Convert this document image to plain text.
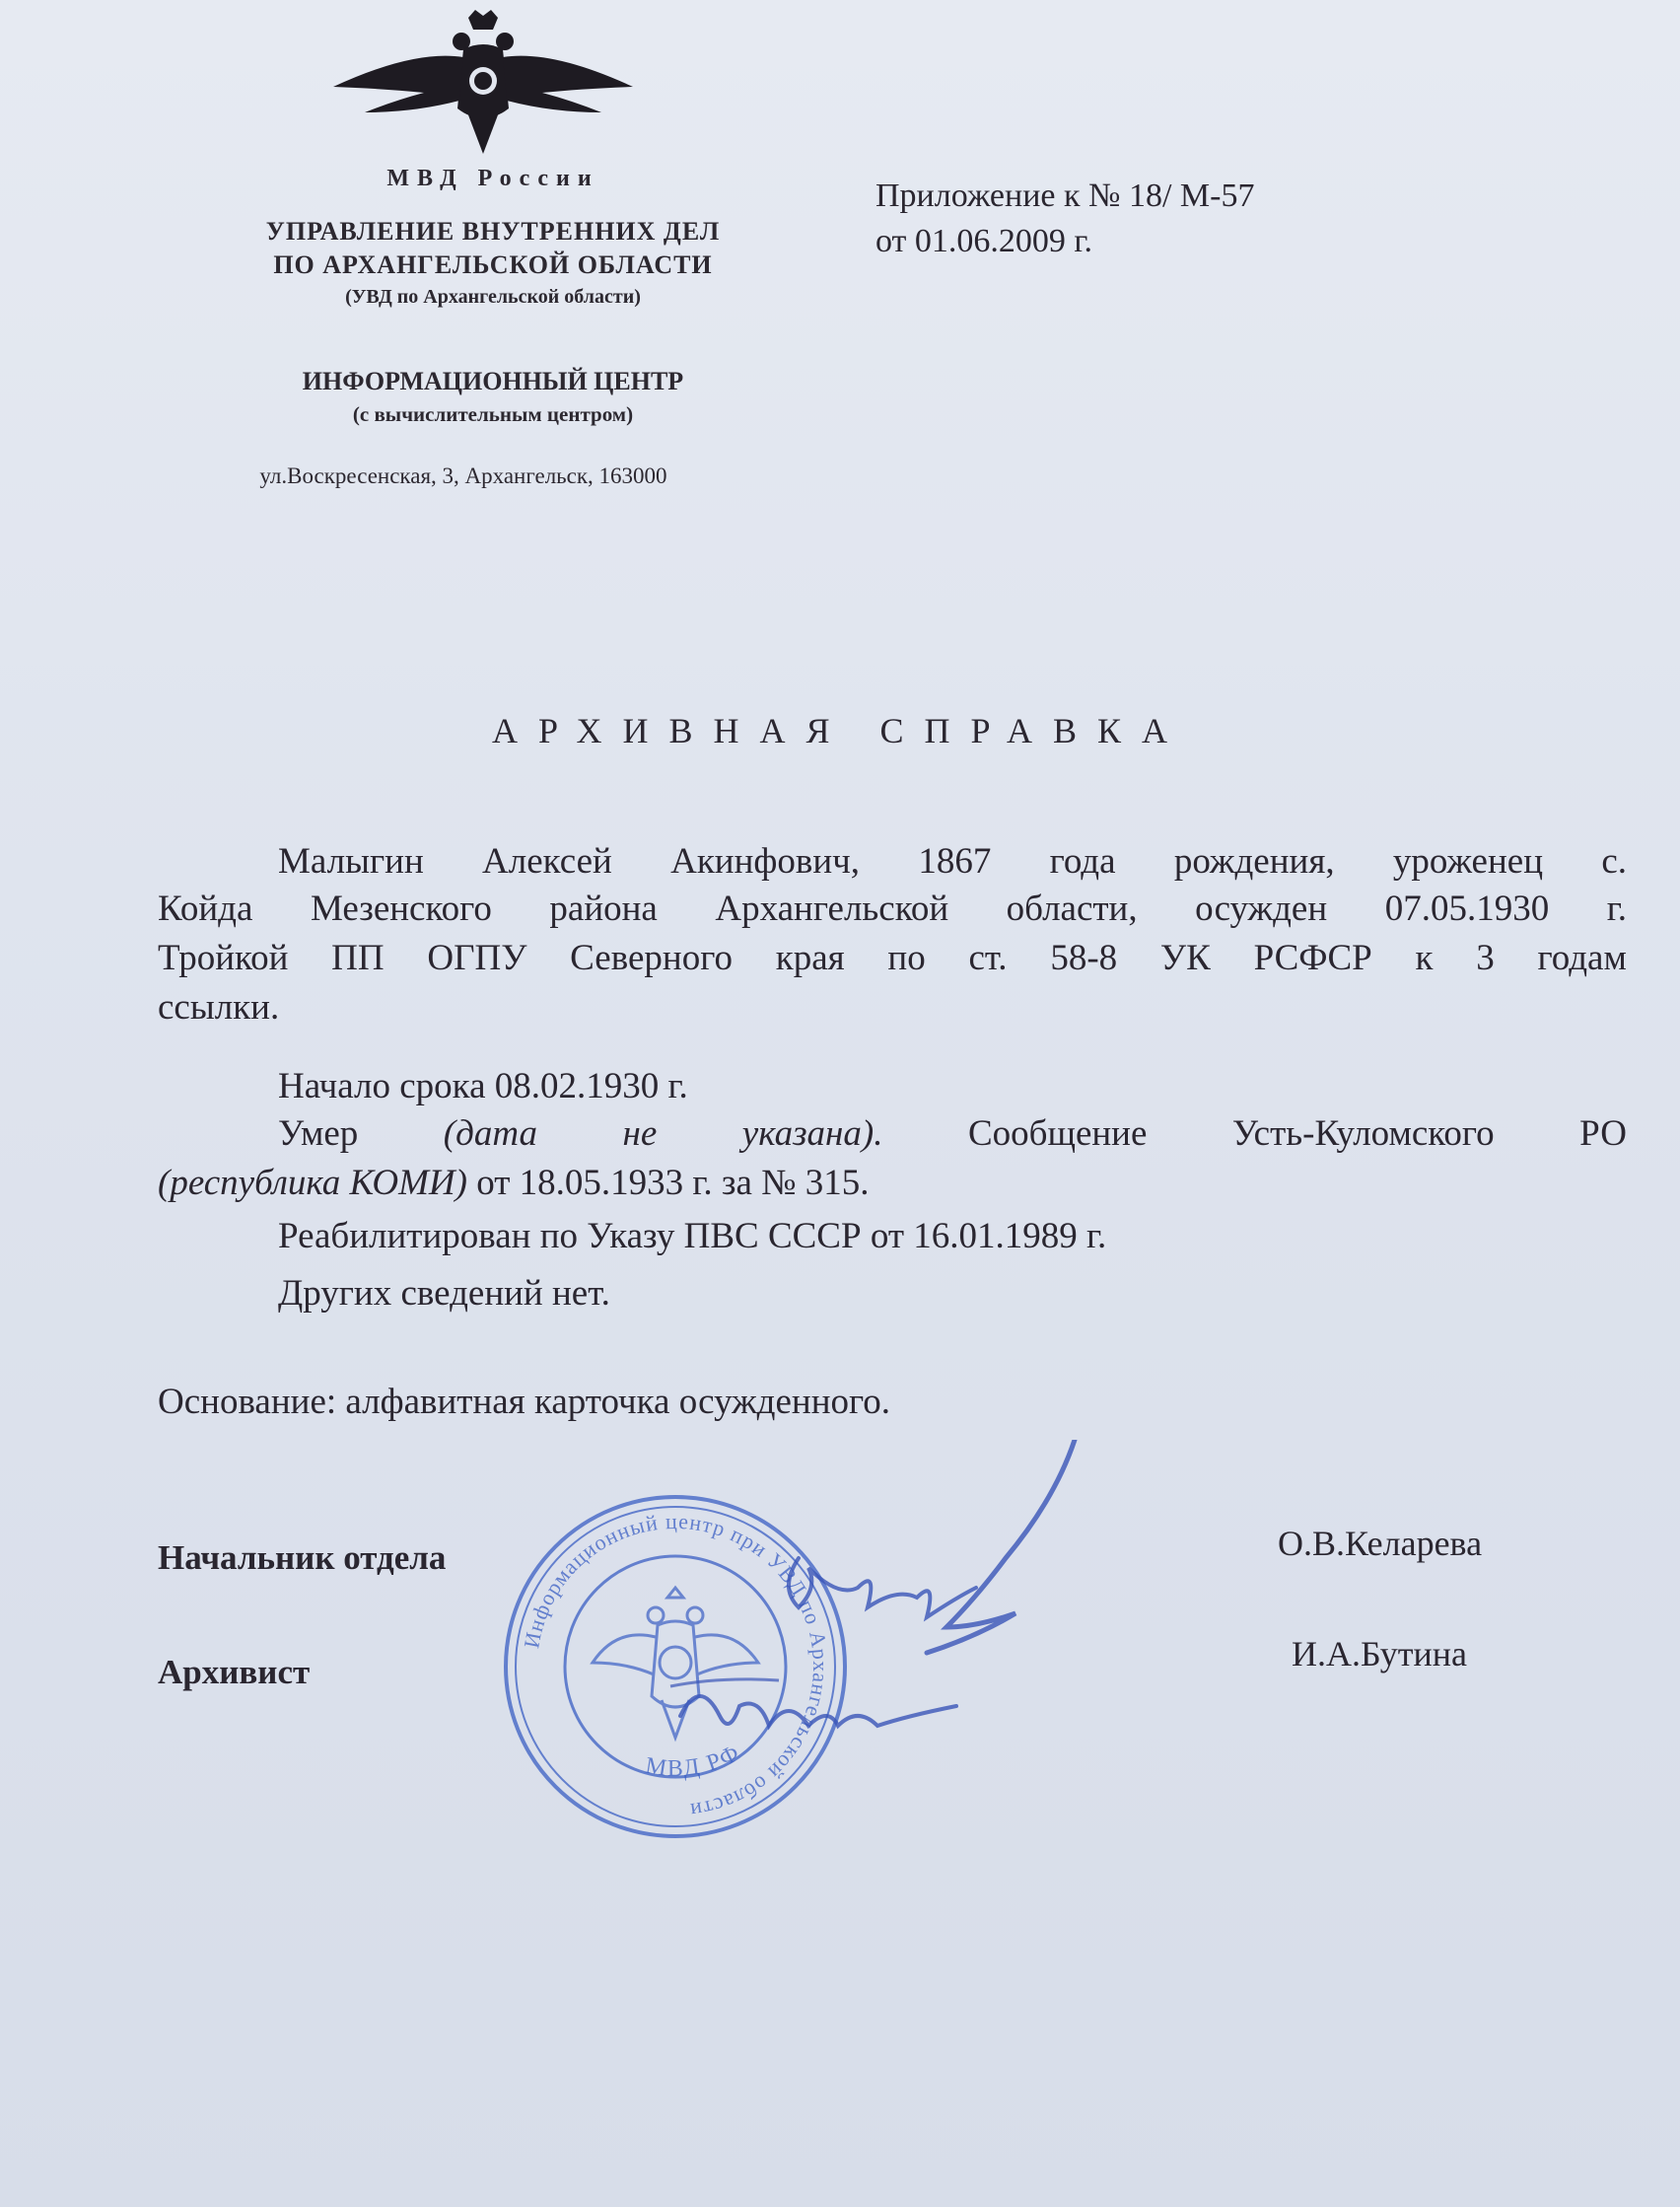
МВД России
УПРАВЛЕНИЕ ВНУТРЕННИХ ДЕЛ
ПО АРХАНГЕЛЬСКОЙ ОБЛАСТИ
(УВД по Архангельской области)
ИНФОРМАЦИОННЫЙ ЦЕНТР
(с вычислительным центром)
ул.Воскресенская, 3, Архангельск, 163000
Приложение к № 18/ М-57
от 01.06.2009 г.
АРХИВНАЯ СПРАВКА
Малыгин Алексей Акинфович, 1867 года рождения, уроженец с.
Койда Мезенского района Архангельской области, осужден 07.05.1930 г.
Тройкой ПП ОГПУ Северного края по ст. 58-8 УК РСФСР к 3 годам
ссылки.
Начало срока 08.02.1930 г.
Умер (дата не указана). Сообщение Усть-Куломского РО
(республика КОМИ) от 18.05.1933 г. за № 315.
Реабилитирован по Указу ПВС СССР от 16.01.1989 г.
Других сведений нет.
Основание: алфавитная карточка осужденного.
Начальник отдела	О.В.Келарева
Архивист	И.А.Бутина
Информационный центр при УВД по Архангельской области
МВД РФ
